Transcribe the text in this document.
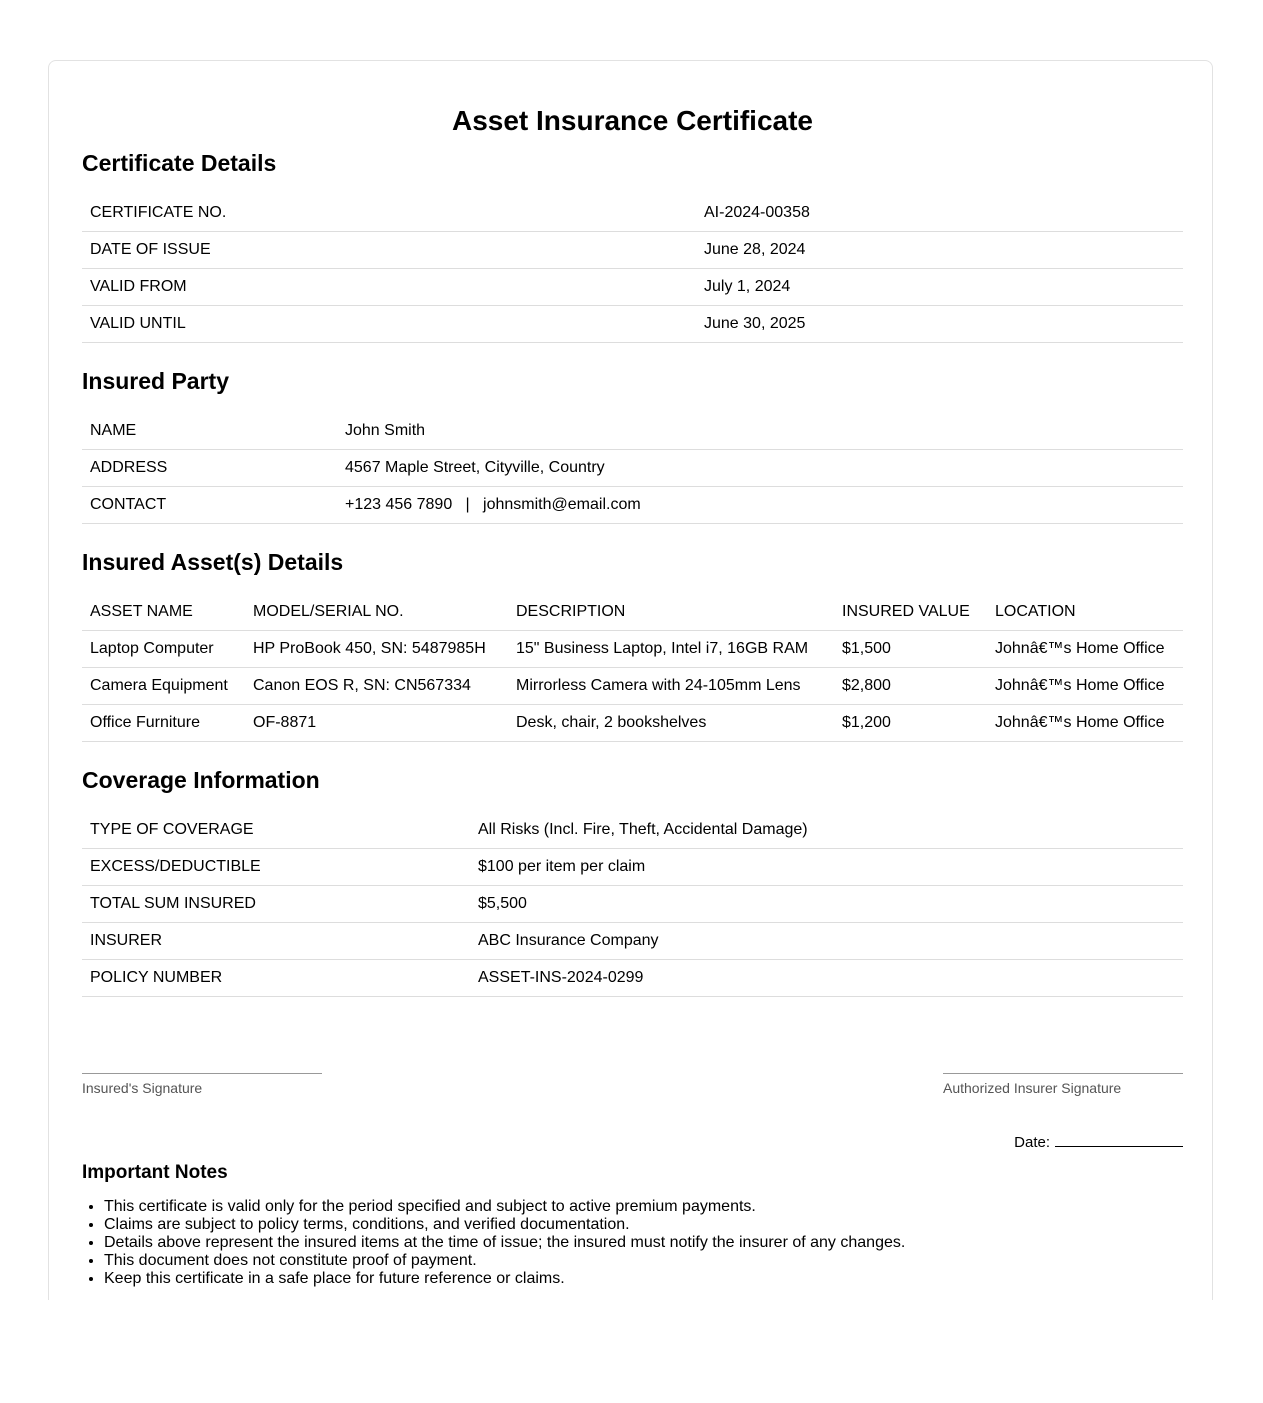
Asset Insurance Certificate
Certificate Details
CERTIFICATE NO.	AI-2024-00358
DATE OF ISSUE	June 28, 2024
VALID FROM	July 1, 2024
VALID UNTIL	June 30, 2025
Insured Party
NAME	John Smith
ADDRESS	4567 Maple Street, Cityville, Country
CONTACT	+123 456 7890   |   johnsmith@email.com
Insured Asset(s) Details
ASSET NAME	MODEL/SERIAL NO.	DESCRIPTION	INSURED VALUE	LOCATION
Laptop Computer	HP ProBook 450, SN: 5487985H	15" Business Laptop, Intel i7, 16GB RAM	$1,500	Johnâ€™s Home Office
Camera Equipment	Canon EOS R, SN: CN567334	Mirrorless Camera with 24-105mm Lens	$2,800	Johnâ€™s Home Office
Office Furniture	OF-8871	Desk, chair, 2 bookshelves	$1,200	Johnâ€™s Home Office
Coverage Information
TYPE OF COVERAGE	All Risks (Incl. Fire, Theft, Accidental Damage)
EXCESS/DEDUCTIBLE	$100 per item per claim
TOTAL SUM INSURED	$5,500
INSURER	ABC Insurance Company
POLICY NUMBER	ASSET-INS-2024-0299
Insured's Signature	Authorized Insurer Signature
Date:
Important Notes
• This certificate is valid only for the period specified and subject to active premium payments.
• Claims are subject to policy terms, conditions, and verified documentation.
• Details above represent the insured items at the time of issue; the insured must notify the insurer of any changes.
• This document does not constitute proof of payment.
• Keep this certificate in a safe place for future reference or claims.
